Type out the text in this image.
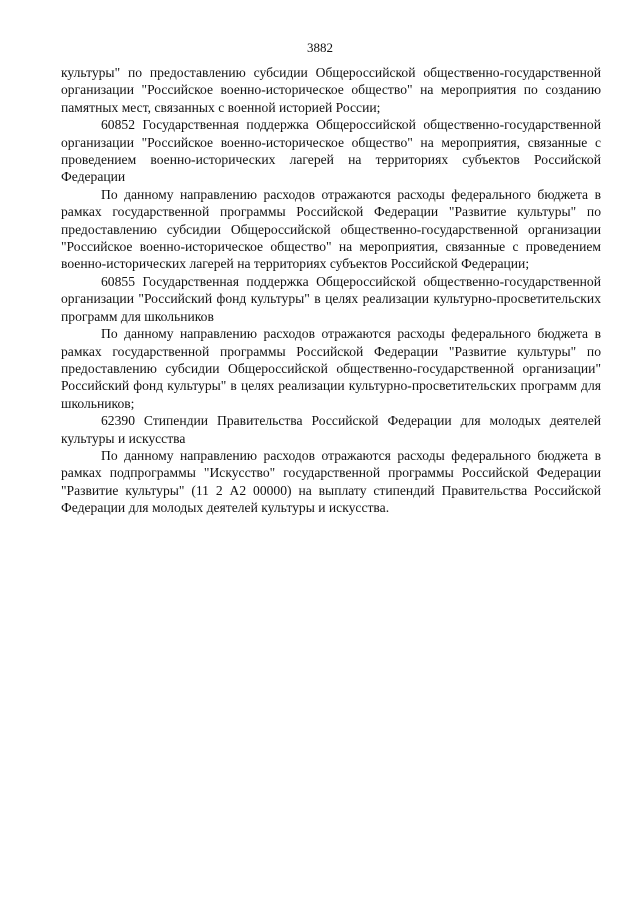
3882

культуры" по предоставлению субсидии Общероссийской общественно-государственной организации "Российское военно-историческое общество" на мероприятия по созданию памятных мест, связанных с военной историей России;

60852 Государственная поддержка Общероссийской общественно-государственной организации "Российское военно-историческое общество" на мероприятия, связанные с проведением военно-исторических лагерей на территориях субъектов Российской Федерации

По данному направлению расходов отражаются расходы федерального бюджета в рамках государственной программы Российской Федерации "Развитие культуры" по предоставлению субсидии Общероссийской общественно-государственной организации "Российское военно-историческое общество" на мероприятия, связанные с проведением военно-исторических лагерей на территориях субъектов Российской Федерации;

60855 Государственная поддержка Общероссийской общественно-государственной организации "Российский фонд культуры" в целях реализации культурно-просветительских программ для школьников

По данному направлению расходов отражаются расходы федерального бюджета в рамках государственной программы Российской Федерации "Развитие культуры" по предоставлению субсидии Общероссийской общественно-государственной организации" Российский фонд культуры" в целях реализации культурно-просветительских программ для школьников;

62390 Стипендии Правительства Российской Федерации для молодых деятелей культуры и искусства

По данному направлению расходов отражаются расходы федерального бюджета в рамках подпрограммы "Искусство" государственной программы Российской Федерации "Развитие культуры" (11 2 А2 00000) на выплату стипендий Правительства Российской Федерации для молодых деятелей культуры и искусства.
